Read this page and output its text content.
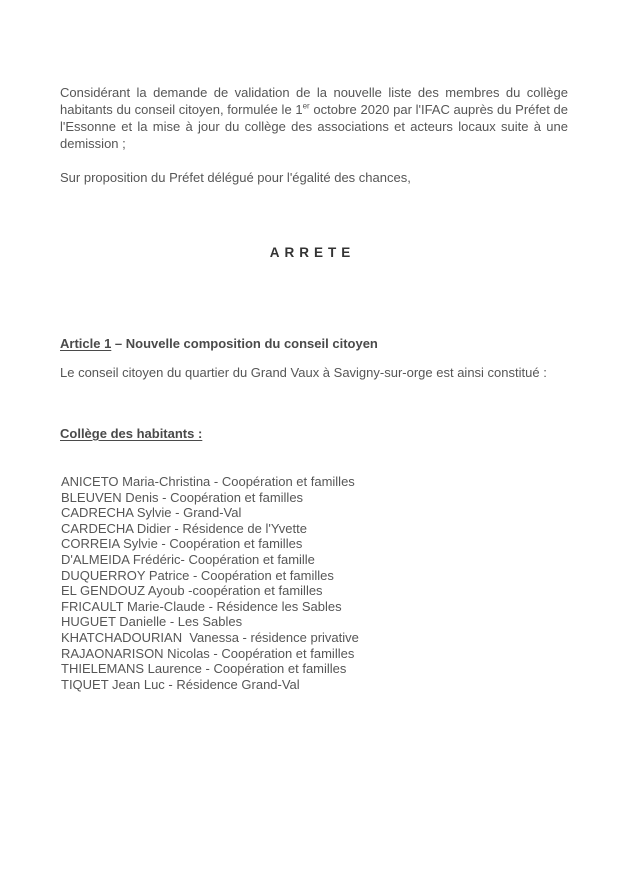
Considérant la demande de validation de la nouvelle liste des membres du collège habitants du conseil citoyen, formulée le 1er octobre 2020 par l'IFAC auprès du Préfet de l'Essonne et la mise à jour du collège des associations et acteurs locaux suite à une demission ;
Sur proposition du Préfet délégué pour l'égalité des chances,
ARRETE
Article 1 – Nouvelle composition du conseil citoyen
Le conseil citoyen du quartier du Grand Vaux à Savigny-sur-orge est ainsi constitué :
Collège des habitants :
ANICETO Maria-Christina - Coopération et familles
BLEUVEN Denis - Coopération et familles
CADRECHA Sylvie - Grand-Val
CARDECHA Didier - Résidence de l'Yvette
CORREIA Sylvie - Coopération et familles
D'ALMEIDA Frédéric- Coopération et famille
DUQUERROY Patrice - Coopération et familles
EL GENDOUZ Ayoub -coopération et familles
FRICAULT Marie-Claude - Résidence les Sables
HUGUET Danielle - Les Sables
KHATCHADOURIAN  Vanessa - résidence privative
RAJAONARISON Nicolas - Coopération et familles
THIELEMANS Laurence - Coopération et familles
TIQUET Jean Luc - Résidence Grand-Val
